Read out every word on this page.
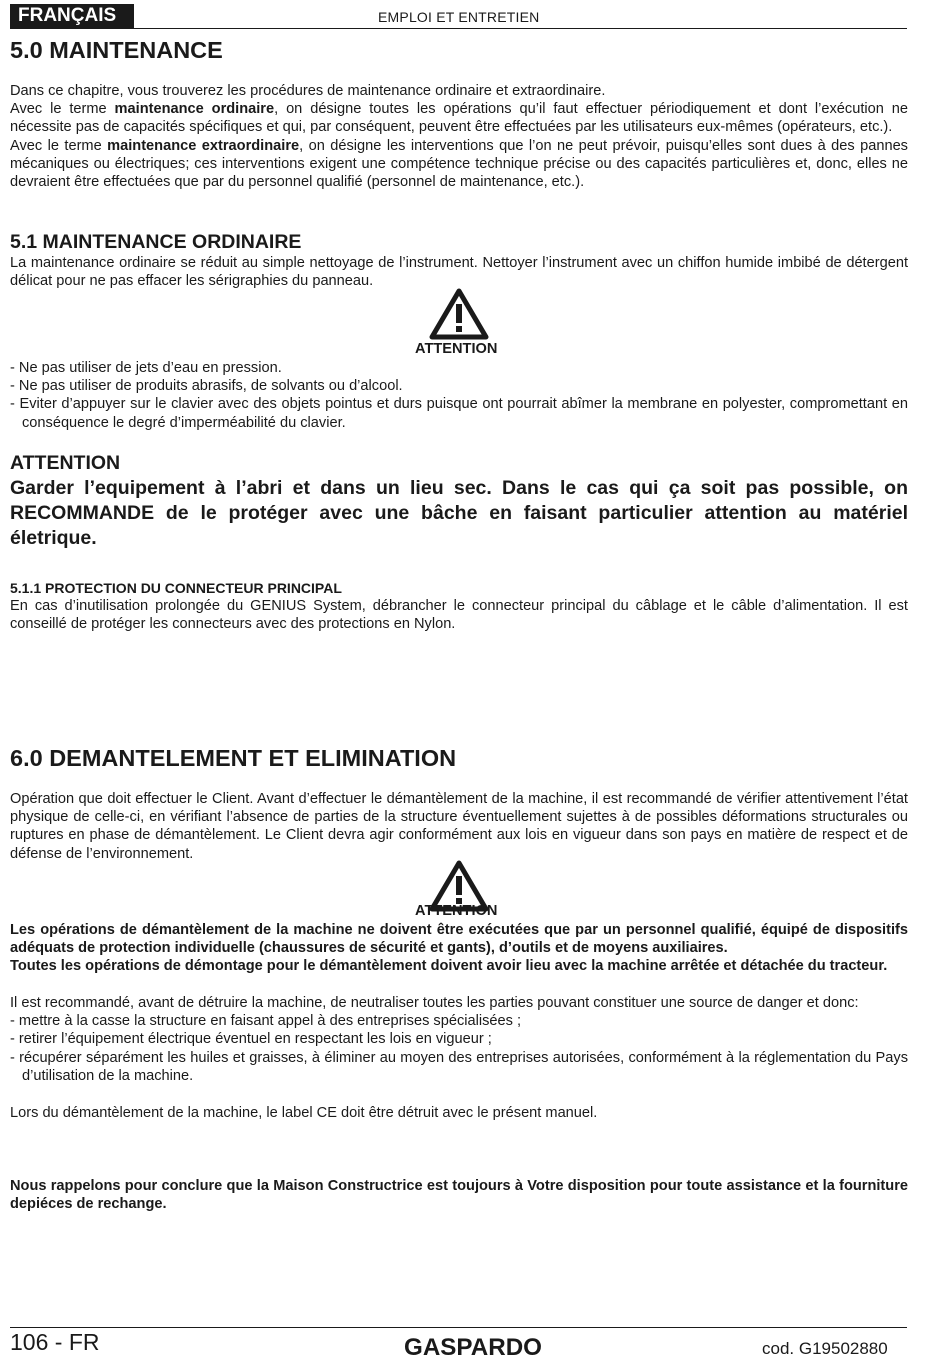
FRANÇAIS	EMPLOI ET ENTRETIEN
5.0 MAINTENANCE
Dans ce chapitre, vous trouverez les procédures de maintenance ordinaire et extraordinaire.
Avec le terme maintenance ordinaire, on désigne toutes les opérations qu’il faut effectuer périodiquement et dont l’exécution ne nécessite pas de capacités spécifiques et qui, par conséquent, peuvent être effectuées par les utilisateurs eux-mêmes (opérateurs, etc.).
Avec le terme maintenance extraordinaire, on désigne les interventions que l’on ne peut prévoir, puisqu’elles sont dues à des pannes mécaniques ou électriques; ces interventions exigent une compétence technique précise ou des capacités particulières et, donc, elles ne devraient être effectuées que par du personnel qualifié (personnel de maintenance, etc.).
5.1 MAINTENANCE ORDINAIRE
La maintenance ordinaire se réduit au simple nettoyage de l’instrument. Nettoyer l’instrument avec un chiffon humide imbibé de détergent délicat pour ne pas effacer les sérigraphies du panneau.
ATTENTION
- Ne pas utiliser de jets d’eau en pression.
- Ne pas utiliser de produits abrasifs, de solvants ou d’alcool.
- Eviter d’appuyer sur le clavier avec des objets pointus et durs puisque ont pourrait abîmer la membrane en polyester, compromettant en conséquence le degré d’imperméabilité du clavier.
ATTENTION
Garder l’equipement à l’abri et dans un lieu sec. Dans le cas qui ça soit pas possible, on RECOMMANDE de le protéger avec une bâche en faisant particulier attention au matériel életrique.
5.1.1 PROTECTION DU CONNECTEUR PRINCIPAL
En cas d’inutilisation prolongée du GENIUS System, débrancher le connecteur principal du câblage et le câble d’alimentation. Il est conseillé de protéger les connecteurs avec des protections en Nylon.
6.0 DEMANTELEMENT ET ELIMINATION
Opération que doit effectuer le Client. Avant d’effectuer le démantèlement de la machine, il est recommandé de vérifier attentivement l’état physique de celle-ci, en vérifiant l’absence de parties de la structure éventuellement sujettes à de possibles déformations structurales ou ruptures en phase de démantèlement. Le Client devra agir conformément aux lois en vigueur dans son pays en matière de respect et de défense de l’environnement.
ATTENTION
Les opérations de démantèlement de la machine ne doivent être exécutées que par un personnel qualifié, équipé de dispositifs adéquats de protection individuelle (chaussures de sécurité et gants), d’outils et de moyens auxiliaires.
Toutes les opérations de démontage pour le démantèlement doivent avoir lieu avec la machine arrêtée et détachée du tracteur.
Il est recommandé, avant de détruire la machine, de neutraliser toutes les parties pouvant constituer une source de danger et donc:
- mettre à la casse la structure en faisant appel à des entreprises spécialisées ;
- retirer l’équipement électrique éventuel en respectant les lois en vigueur ;
- récupérer séparément les huiles et graisses, à éliminer au moyen des entreprises autorisées, conformément à la réglementation du Pays d’utilisation de la machine.
Lors du démantèlement de la machine, le label CE doit être détruit avec le présent manuel.
Nous rappelons pour conclure que la Maison Constructrice est toujours à Votre disposition pour toute assistance et la fourniture depiéces de rechange.
106 - FR	GASPARDO	cod. G19502880
